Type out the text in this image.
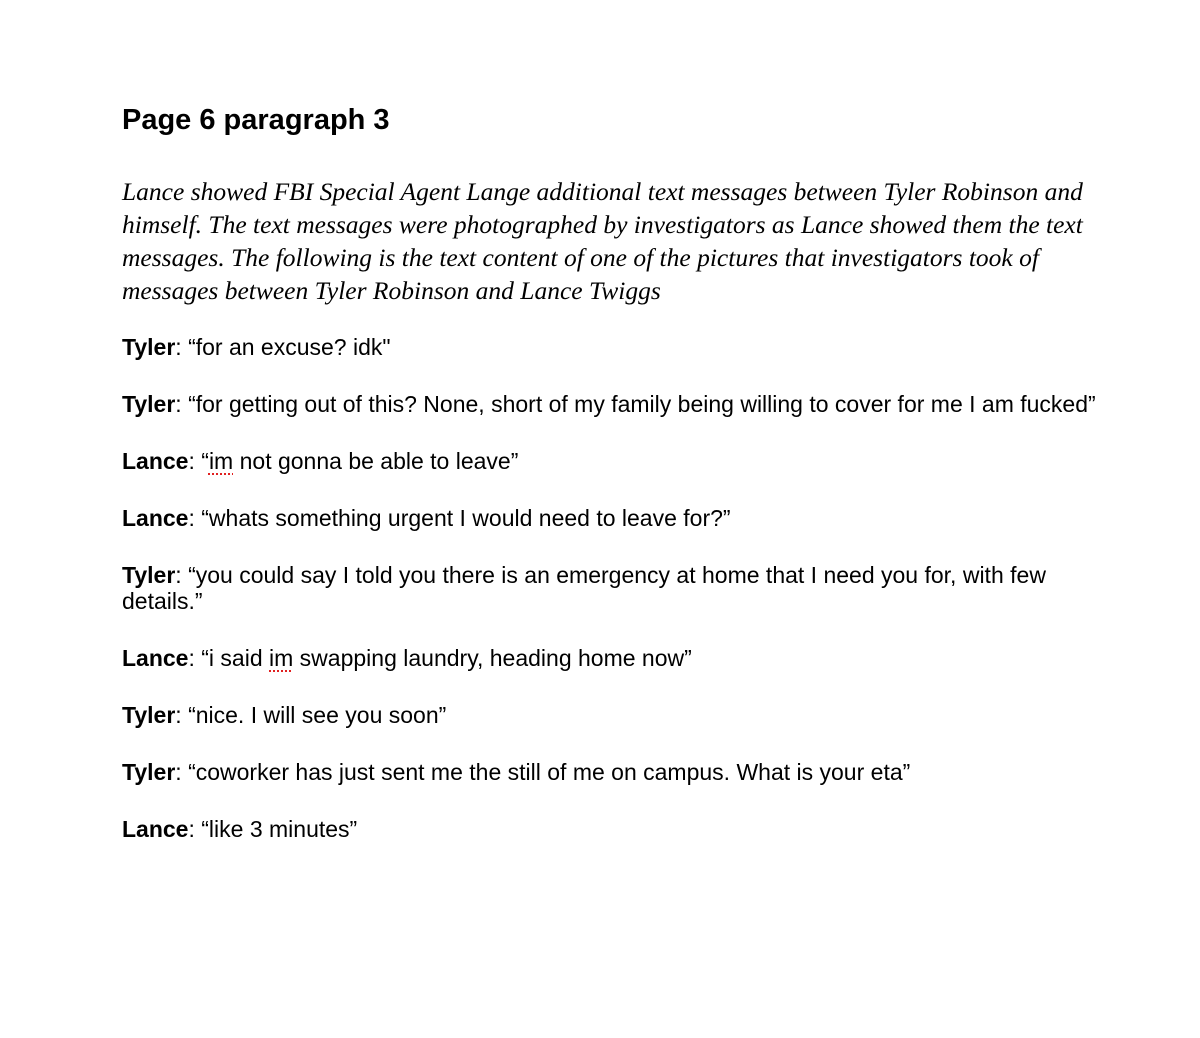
Page 6 paragraph 3

Lance showed FBI Special Agent Lange additional text messages between Tyler Robinson and himself. The text messages were photographed by investigators as Lance showed them the text messages. The following is the text content of one of the pictures that investigators took of messages between Tyler Robinson and Lance Twiggs

Tyler: “for an excuse? idk"

Tyler: “for getting out of this? None, short of my family being willing to cover for me I am fucked”

Lance: “im not gonna be able to leave”

Lance: “whats something urgent I would need to leave for?”

Tyler: “you could say I told you there is an emergency at home that I need you for, with few details.”

Lance: “i said im swapping laundry, heading home now”

Tyler: “nice. I will see you soon”

Tyler: “coworker has just sent me the still of me on campus. What is your eta”

Lance: “like 3 minutes”
